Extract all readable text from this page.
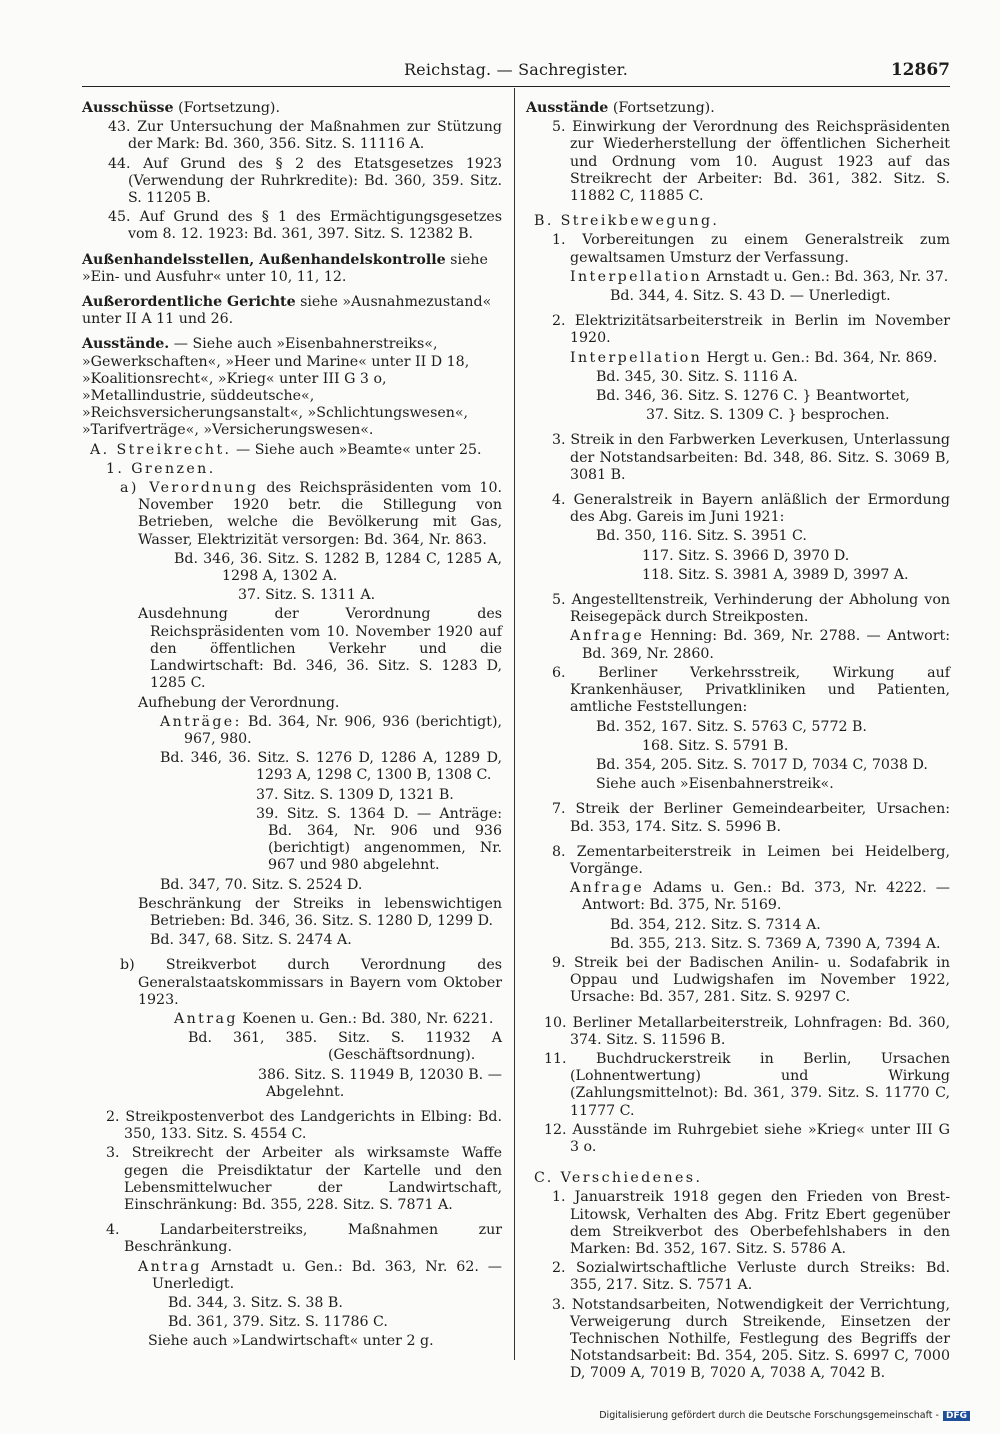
Reichstag. — Sachregister.	12867

Ausschüsse (Fortsetzung).

43. Zur Untersuchung der Maßnahmen zur Stützung der Mark: Bd. 360, 356. Sitz. S. 11116 A.

44. Auf Grund des § 2 des Etatsgesetzes 1923 (Verwendung der Ruhrkredite): Bd. 360, 359. Sitz. S. 11205 B.

45. Auf Grund des § 1 des Ermächtigungsgesetzes vom 8. 12. 1923: Bd. 361, 397. Sitz. S. 12382 B.

Außenhandelsstellen, Außenhandelskontrolle siehe »Ein- und Ausfuhr« unter 10, 11, 12.

Außerordentliche Gerichte siehe »Ausnahmezustand« unter II A 11 und 26.

Ausstände. — Siehe auch »Eisenbahnerstreiks«, »Gewerkschaften«, »Heer und Marine« unter II D 18, »Koalitionsrecht«, »Krieg« unter III G 3 o, »Metallindustrie, süddeutsche«, »Reichsversicherungsanstalt«, »Schlichtungswesen«, »Tarifverträge«, »Versicherungswesen«.

A. Streikrecht. — Siehe auch »Beamte« unter 25.

1. Grenzen.

a) Verordnung des Reichspräsidenten vom 10. November 1920 betr. die Stillegung von Betrieben, welche die Bevölkerung mit Gas, Wasser, Elektrizität versorgen: Bd. 364, Nr. 863.

Bd. 346, 36. Sitz. S. 1282 B, 1284 C, 1285 A, 1298 A, 1302 A.

37. Sitz. S. 1311 A.

Ausdehnung der Verordnung des Reichspräsidenten vom 10. November 1920 auf den öffentlichen Verkehr und die Landwirtschaft: Bd. 346, 36. Sitz. S. 1283 D, 1285 C.

Aufhebung der Verordnung.

Anträge: Bd. 364, Nr. 906, 936 (berichtigt), 967, 980.

Bd. 346, 36. Sitz. S. 1276 D, 1286 A, 1289 D, 1293 A, 1298 C, 1300 B, 1308 C.

37. Sitz. S. 1309 D, 1321 B.

39. Sitz. S. 1364 D. — Anträge: Bd. 364, Nr. 906 und 936 (berichtigt) angenommen, Nr. 967 und 980 abgelehnt.

Bd. 347, 70. Sitz. S. 2524 D.

Beschränkung der Streiks in lebenswichtigen Betrieben: Bd. 346, 36. Sitz. S. 1280 D, 1299 D.

Bd. 347, 68. Sitz. S. 2474 A.

b) Streikverbot durch Verordnung des Generalstaatskommissars in Bayern vom Oktober 1923.

Antrag Koenen u. Gen.: Bd. 380, Nr. 6221.

Bd. 361, 385. Sitz. S. 11932 A (Geschäftsordnung).

386. Sitz. S. 11949 B, 12030 B. — Abgelehnt.

2. Streikpostenverbot des Landgerichts in Elbing: Bd. 350, 133. Sitz. S. 4554 C.

3. Streikrecht der Arbeiter als wirksamste Waffe gegen die Preisdiktatur der Kartelle und den Lebensmittelwucher der Landwirtschaft, Einschränkung: Bd. 355, 228. Sitz. S. 7871 A.

4. Landarbeiterstreiks, Maßnahmen zur Beschränkung.

Antrag Arnstadt u. Gen.: Bd. 363, Nr. 62. — Unerledigt.

Bd. 344, 3. Sitz. S. 38 B.

Bd. 361, 379. Sitz. S. 11786 C.

Siehe auch »Landwirtschaft« unter 2 g.

Ausstände (Fortsetzung).

5. Einwirkung der Verordnung des Reichspräsidenten zur Wiederherstellung der öffentlichen Sicherheit und Ordnung vom 10. August 1923 auf das Streikrecht der Arbeiter: Bd. 361, 382. Sitz. S. 11882 C, 11885 C.

B. Streikbewegung.

1. Vorbereitungen zu einem Generalstreik zum gewaltsamen Umsturz der Verfassung.

Interpellation Arnstadt u. Gen.: Bd. 363, Nr. 37.

Bd. 344, 4. Sitz. S. 43 D. — Unerledigt.

2. Elektrizitätsarbeiterstreik in Berlin im November 1920.

Interpellation Hergt u. Gen.: Bd. 364, Nr. 869.

Bd. 345, 30. Sitz. S. 1116 A.

Bd. 346, 36. Sitz. S. 1276 C. } Beantwortet,

37. Sitz. S. 1309 C. } besprochen.

3. Streik in den Farbwerken Leverkusen, Unterlassung der Notstandsarbeiten: Bd. 348, 86. Sitz. S. 3069 B, 3081 B.

4. Generalstreik in Bayern anläßlich der Ermordung des Abg. Gareis im Juni 1921:

Bd. 350, 116. Sitz. S. 3951 C.

117. Sitz. S. 3966 D, 3970 D.

118. Sitz. S. 3981 A, 3989 D, 3997 A.

5. Angestelltenstreik, Verhinderung der Abholung von Reisegepäck durch Streikposten.

Anfrage Henning: Bd. 369, Nr. 2788. — Antwort: Bd. 369, Nr. 2860.

6. Berliner Verkehrsstreik, Wirkung auf Krankenhäuser, Privatkliniken und Patienten, amtliche Feststellungen:

Bd. 352, 167. Sitz. S. 5763 C, 5772 B.

168. Sitz. S. 5791 B.

Bd. 354, 205. Sitz. S. 7017 D, 7034 C, 7038 D.

Siehe auch »Eisenbahnerstreik«.

7. Streik der Berliner Gemeindearbeiter, Ursachen: Bd. 353, 174. Sitz. S. 5996 B.

8. Zementarbeiterstreik in Leimen bei Heidelberg, Vorgänge.

Anfrage Adams u. Gen.: Bd. 373, Nr. 4222. — Antwort: Bd. 375, Nr. 5169.

Bd. 354, 212. Sitz. S. 7314 A.

Bd. 355, 213. Sitz. S. 7369 A, 7390 A, 7394 A.

9. Streik bei der Badischen Anilin- u. Sodafabrik in Oppau und Ludwigshafen im November 1922, Ursache: Bd. 357, 281. Sitz. S. 9297 C.

10. Berliner Metallarbeiterstreik, Lohnfragen: Bd. 360, 374. Sitz. S. 11596 B.

11. Buchdruckerstreik in Berlin, Ursachen (Lohnentwertung) und Wirkung (Zahlungsmittelnot): Bd. 361, 379. Sitz. S. 11770 C, 11777 C.

12. Ausstände im Ruhrgebiet siehe »Krieg« unter III G 3 o.

C. Verschiedenes.

1. Januarstreik 1918 gegen den Frieden von Brest-Litowsk, Verhalten des Abg. Fritz Ebert gegenüber dem Streikverbot des Oberbefehlshabers in den Marken: Bd. 352, 167. Sitz. S. 5786 A.

2. Sozialwirtschaftliche Verluste durch Streiks: Bd. 355, 217. Sitz. S. 7571 A.

3. Notstandsarbeiten, Notwendigkeit der Verrichtung, Verweigerung durch Streikende, Einsetzen der Technischen Nothilfe, Festlegung des Begriffs der Notstandsarbeit: Bd. 354, 205. Sitz. S. 6997 C, 7000 D, 7009 A, 7019 B, 7020 A, 7038 A, 7042 B.

Digitalisierung gefördert durch die Deutsche Forschungsgemeinschaft - DFG
